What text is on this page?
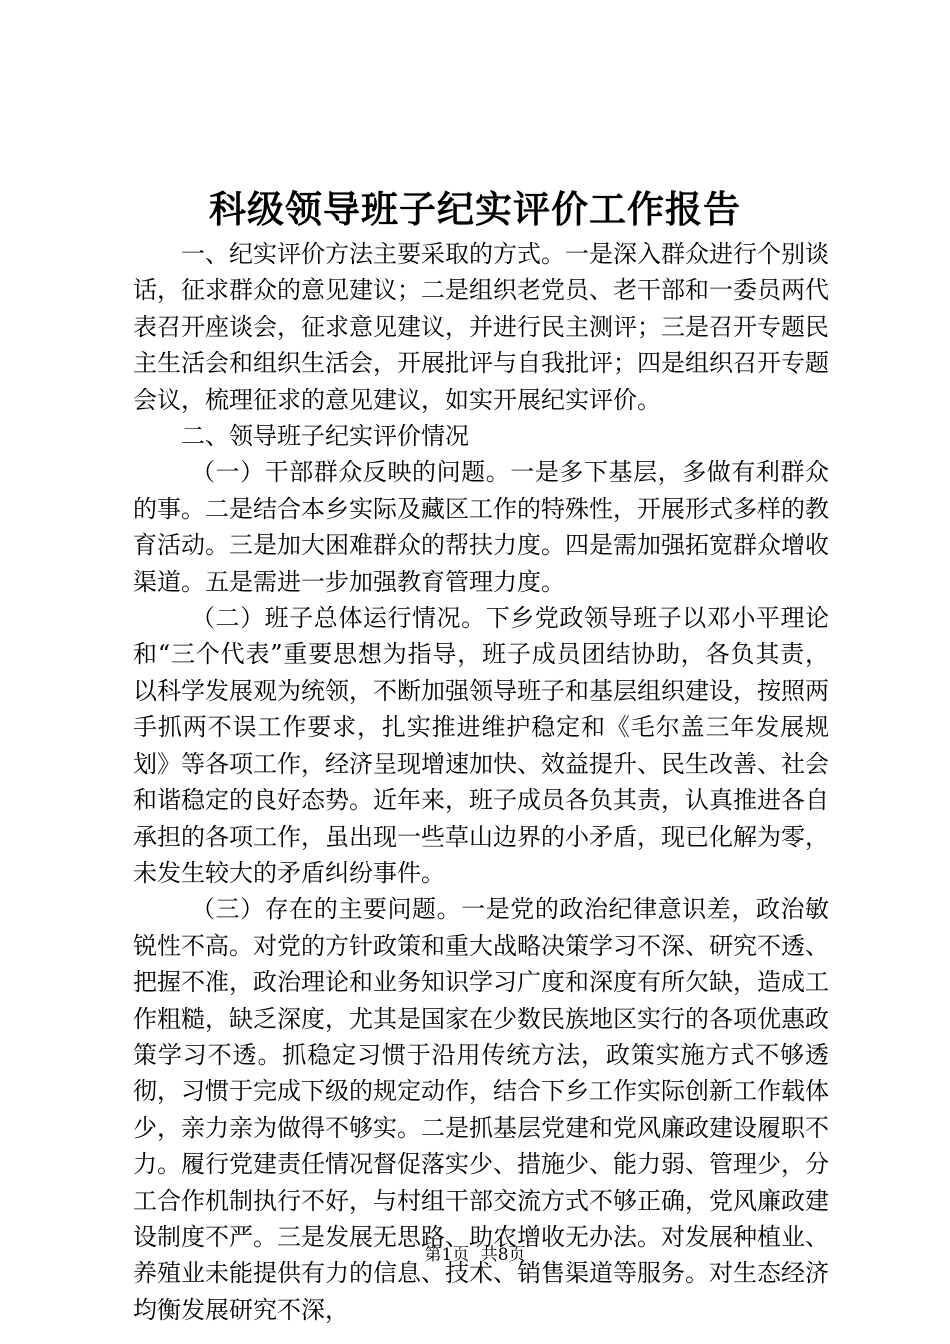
科级领导班子纪实评价工作报告

一、纪实评价方法主要采取的方式。一是深入群众进行个别谈话，征求群众的意见建议；二是组织老党员、老干部和一委员两代表召开座谈会，征求意见建议，并进行民主测评；三是召开专题民主生活会和组织生活会，开展批评与自我批评；四是组织召开专题会议，梳理征求的意见建议，如实开展纪实评价。

二、领导班子纪实评价情况

（一）干部群众反映的问题。一是多下基层，多做有利群众的事。二是结合本乡实际及藏区工作的特殊性，开展形式多样的教育活动。三是加大困难群众的帮扶力度。四是需加强拓宽群众增收渠道。五是需进一步加强教育管理力度。

（二）班子总体运行情况。下乡党政领导班子以邓小平理论和“三个代表”重要思想为指导，班子成员团结协助，各负其责，以科学发展观为统领，不断加强领导班子和基层组织建设，按照两手抓两不误工作要求，扎实推进维护稳定和《毛尔盖三年发展规划》等各项工作，经济呈现增速加快、效益提升、民生改善、社会和谐稳定的良好态势。近年来，班子成员各负其责，认真推进各自承担的各项工作，虽出现一些草山边界的小矛盾，现已化解为零，未发生较大的矛盾纠纷事件。

（三）存在的主要问题。一是党的政治纪律意识差，政治敏锐性不高。对党的方针政策和重大战略决策学习不深、研究不透、把握不准，政治理论和业务知识学习广度和深度有所欠缺，造成工作粗糙，缺乏深度，尤其是国家在少数民族地区实行的各项优惠政策学习不透。抓稳定习惯于沿用传统方法，政策实施方式不够透彻，习惯于完成下级的规定动作，结合下乡工作实际创新工作载体少，亲力亲为做得不够实。二是抓基层党建和党风廉政建设履职不力。履行党建责任情况督促落实少、措施少、能力弱、管理少，分工合作机制执行不好，与村组干部交流方式不够正确，党风廉政建设制度不严。三是发展无思路、助农增收无办法。对发展种植业、养殖业未能提供有力的信息、技术、销售渠道等服务。对生态经济均衡发展研究不深，

第1页 共8页
